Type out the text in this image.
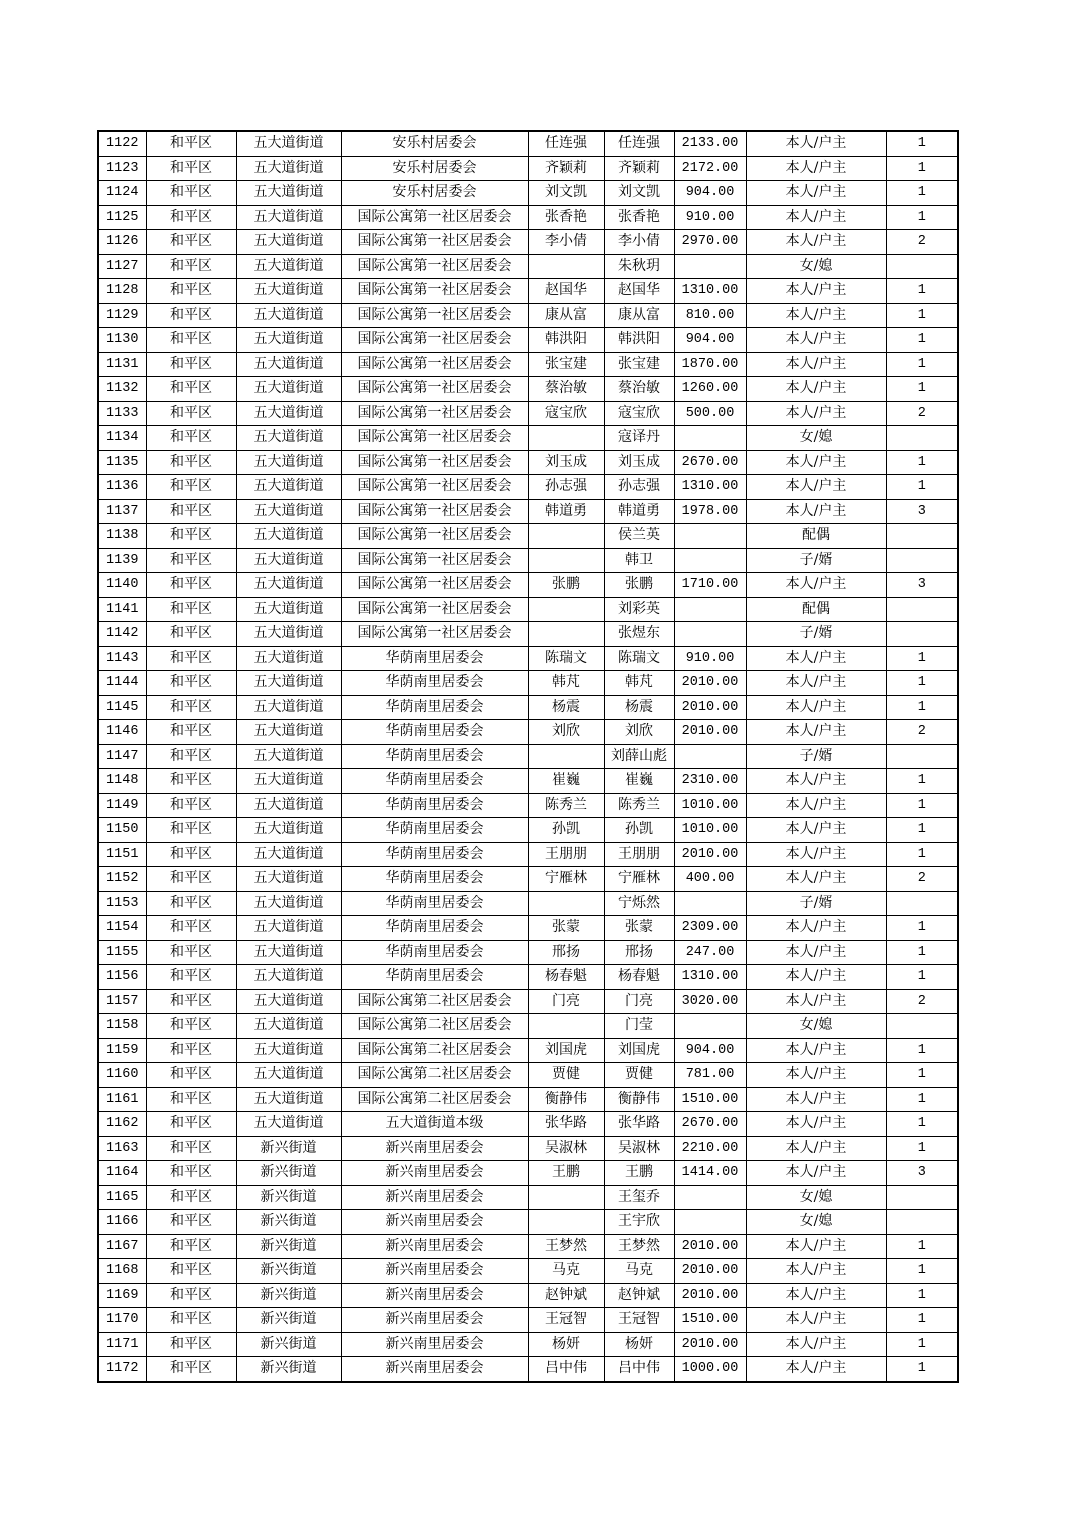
1122	和平区	五大道街道	安乐村居委会	任连强	任连强	2133.00	本人/户主	1
1123	和平区	五大道街道	安乐村居委会	齐颖莉	齐颖莉	2172.00	本人/户主	1
1124	和平区	五大道街道	安乐村居委会	刘文凯	刘文凯	904.00	本人/户主	1
1125	和平区	五大道街道	国际公寓第一社区居委会	张香艳	张香艳	910.00	本人/户主	1
1126	和平区	五大道街道	国际公寓第一社区居委会	李小倩	李小倩	2970.00	本人/户主	2
1127	和平区	五大道街道	国际公寓第一社区居委会		朱秋玥		女/媳	
1128	和平区	五大道街道	国际公寓第一社区居委会	赵国华	赵国华	1310.00	本人/户主	1
1129	和平区	五大道街道	国际公寓第一社区居委会	康从富	康从富	810.00	本人/户主	1
1130	和平区	五大道街道	国际公寓第一社区居委会	韩洪阳	韩洪阳	904.00	本人/户主	1
1131	和平区	五大道街道	国际公寓第一社区居委会	张宝建	张宝建	1870.00	本人/户主	1
1132	和平区	五大道街道	国际公寓第一社区居委会	蔡治敏	蔡治敏	1260.00	本人/户主	1
1133	和平区	五大道街道	国际公寓第一社区居委会	寇宝欣	寇宝欣	500.00	本人/户主	2
1134	和平区	五大道街道	国际公寓第一社区居委会		寇译丹		女/媳	
1135	和平区	五大道街道	国际公寓第一社区居委会	刘玉成	刘玉成	2670.00	本人/户主	1
1136	和平区	五大道街道	国际公寓第一社区居委会	孙志强	孙志强	1310.00	本人/户主	1
1137	和平区	五大道街道	国际公寓第一社区居委会	韩道勇	韩道勇	1978.00	本人/户主	3
1138	和平区	五大道街道	国际公寓第一社区居委会		侯兰英		配偶	
1139	和平区	五大道街道	国际公寓第一社区居委会		韩卫		子/婿	
1140	和平区	五大道街道	国际公寓第一社区居委会	张鹏	张鹏	1710.00	本人/户主	3
1141	和平区	五大道街道	国际公寓第一社区居委会		刘彩英		配偶	
1142	和平区	五大道街道	国际公寓第一社区居委会		张煜东		子/婿	
1143	和平区	五大道街道	华荫南里居委会	陈瑞文	陈瑞文	910.00	本人/户主	1
1144	和平区	五大道街道	华荫南里居委会	韩芃	韩芃	2010.00	本人/户主	1
1145	和平区	五大道街道	华荫南里居委会	杨震	杨震	2010.00	本人/户主	1
1146	和平区	五大道街道	华荫南里居委会	刘欣	刘欣	2010.00	本人/户主	2
1147	和平区	五大道街道	华荫南里居委会		刘薛山彪		子/婿	
1148	和平区	五大道街道	华荫南里居委会	崔巍	崔巍	2310.00	本人/户主	1
1149	和平区	五大道街道	华荫南里居委会	陈秀兰	陈秀兰	1010.00	本人/户主	1
1150	和平区	五大道街道	华荫南里居委会	孙凯	孙凯	1010.00	本人/户主	1
1151	和平区	五大道街道	华荫南里居委会	王朋朋	王朋朋	2010.00	本人/户主	1
1152	和平区	五大道街道	华荫南里居委会	宁雁林	宁雁林	400.00	本人/户主	2
1153	和平区	五大道街道	华荫南里居委会		宁烁然		子/婿	
1154	和平区	五大道街道	华荫南里居委会	张蒙	张蒙	2309.00	本人/户主	1
1155	和平区	五大道街道	华荫南里居委会	邢扬	邢扬	247.00	本人/户主	1
1156	和平区	五大道街道	华荫南里居委会	杨春魁	杨春魁	1310.00	本人/户主	1
1157	和平区	五大道街道	国际公寓第二社区居委会	门亮	门亮	3020.00	本人/户主	2
1158	和平区	五大道街道	国际公寓第二社区居委会		门莹		女/媳	
1159	和平区	五大道街道	国际公寓第二社区居委会	刘国虎	刘国虎	904.00	本人/户主	1
1160	和平区	五大道街道	国际公寓第二社区居委会	贾健	贾健	781.00	本人/户主	1
1161	和平区	五大道街道	国际公寓第二社区居委会	衡静伟	衡静伟	1510.00	本人/户主	1
1162	和平区	五大道街道	五大道街道本级	张华路	张华路	2670.00	本人/户主	1
1163	和平区	新兴街道	新兴南里居委会	吴淑林	吴淑林	2210.00	本人/户主	1
1164	和平区	新兴街道	新兴南里居委会	王鹏	王鹏	1414.00	本人/户主	3
1165	和平区	新兴街道	新兴南里居委会		王玺乔		女/媳	
1166	和平区	新兴街道	新兴南里居委会		王宇欣		女/媳	
1167	和平区	新兴街道	新兴南里居委会	王梦然	王梦然	2010.00	本人/户主	1
1168	和平区	新兴街道	新兴南里居委会	马克	马克	2010.00	本人/户主	1
1169	和平区	新兴街道	新兴南里居委会	赵钟斌	赵钟斌	2010.00	本人/户主	1
1170	和平区	新兴街道	新兴南里居委会	王冠智	王冠智	1510.00	本人/户主	1
1171	和平区	新兴街道	新兴南里居委会	杨妍	杨妍	2010.00	本人/户主	1
1172	和平区	新兴街道	新兴南里居委会	吕中伟	吕中伟	1000.00	本人/户主	1
